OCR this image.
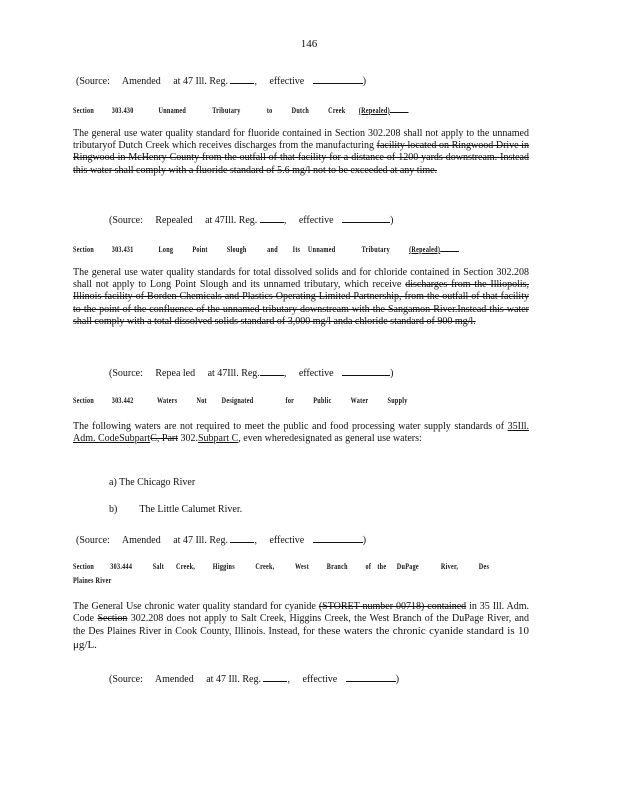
146
(Source: Amended at 47 Ill. Reg.	, effective	)
Section 303.430	Unnamed	Tributary	to Dutch Creek (Repealed)
The general use water quality standard for fluoride contained in Section 302.208 shall not apply to the unnamed tributaryof Dutch Creek which receives discharges from the manufacturing facility located on Ringwood Drive in Ringwood in McHenry County from the outfall of that facility for a distance of 1200 yards downstream. Instead this water shall comply with a fluoride standard of 5.6 mg/l not to be exceeded at any time.
(Source: Repealed at 47Ill. Reg.	, effective	)
Section 303.431	Long Point Slough and Its Unnamed	Tributary (Repealed)
The general use water quality standards for total dissolved solids and for chloride contained in Section 302.208 shall not apply to Long Point Slough and its unnamed tributary, which receive discharges from the Illiopolis, Illinois facility of Borden Chemicals and Plastics Operating Limited Partnership, from the outfall of that facility to the point of the confluence of the unnamed tributary downstream with the Sangamon River.Instead this water shall comply with a total dissolved solids standard of 3,000 mg/l anda chloride standard of 900 mg/l.
(Source: Repea led at 47Ill. Reg. , effective	)
Section 303.442	Waters Not Designated	for Public Water Supply
The following waters are not required to meet the public and food processing water supply standards of 35Ill. Adm. CodeSubpartC, Part 302.Subpart C, even wheredesignated as general use waters:
a) The Chicago River
b) The Little Calumet River.
(Source: Amended at 47 Ill. Reg.	, effective	)
Section 303.444 Salt Creek, Higgins Creek, West Branch of the DuPage	River, Des
Plaines River
The General Use chronic water quality standard for cyanide (STORET number 00718) contained in 35 Ill. Adm. Code Section 302.208 does not apply to Salt Creek, Higgins Creek, the West Branch of the DuPage River, and the Des Plaines River in Cook County, Illinois. Instead, for these waters the chronic cyanide standard is 10 μg/L.
(Source: Amended at 47 Ill. Reg.	, effective	)
